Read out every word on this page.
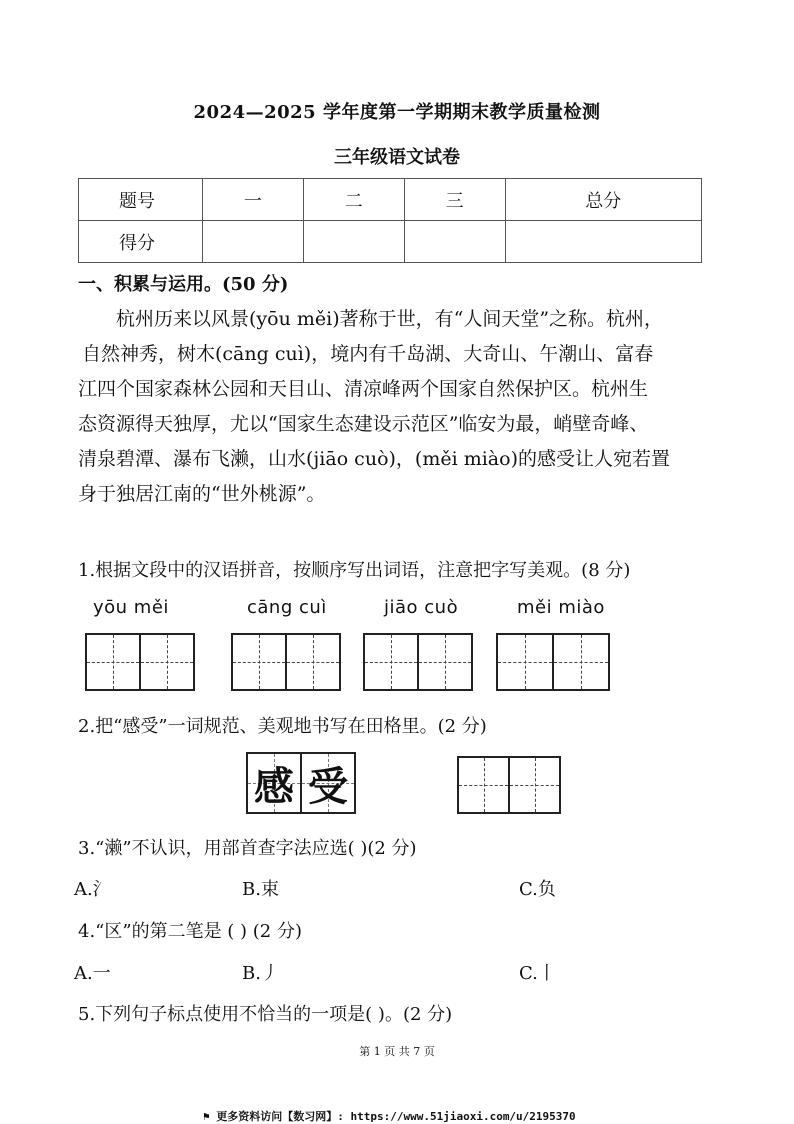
2024—2025 学年度第一学期期末教学质量检测
三年级语文试卷
题号	一	二	三	总分
得分				
一、积累与运用。(50 分)

杭州历来以风景(yōu měi)著称于世，有“人间天堂”之称。杭州，

自然神秀，树木(cāng cuì)，境内有千岛湖、大奇山、午潮山、富春

江四个国家森林公园和天目山、清凉峰两个国家自然保护区。杭州生

态资源得天独厚，尤以“国家生态建设示范区”临安为最，峭壁奇峰、

清泉碧潭、瀑布飞濑，山水(jiāo cuò)，(měi miào)的感受让人宛若置

身于独居江南的“世外桃源”。

1.根据文段中的汉语拼音，按顺序写出词语，注意把字写美观。(8 分)
yōu měi	cāng cuì	jiāo cuò	měi miào
2.把“感受”一词规范、美观地书写在田格里。(2 分)
感 受
3.“濑”不认识，用部首查字法应选( )(2 分)
A.氵	B.束	C.负
4.“区”的第二笔是 ( ) (2 分)
A.一	B.丿	C.丨
5.下列句子标点使用不恰当的一项是( )。(2 分)
第 1 页 共 7 页
⚑ 更多资料访问【数习网】: https://www.51jiaoxi.com/u/2195370
